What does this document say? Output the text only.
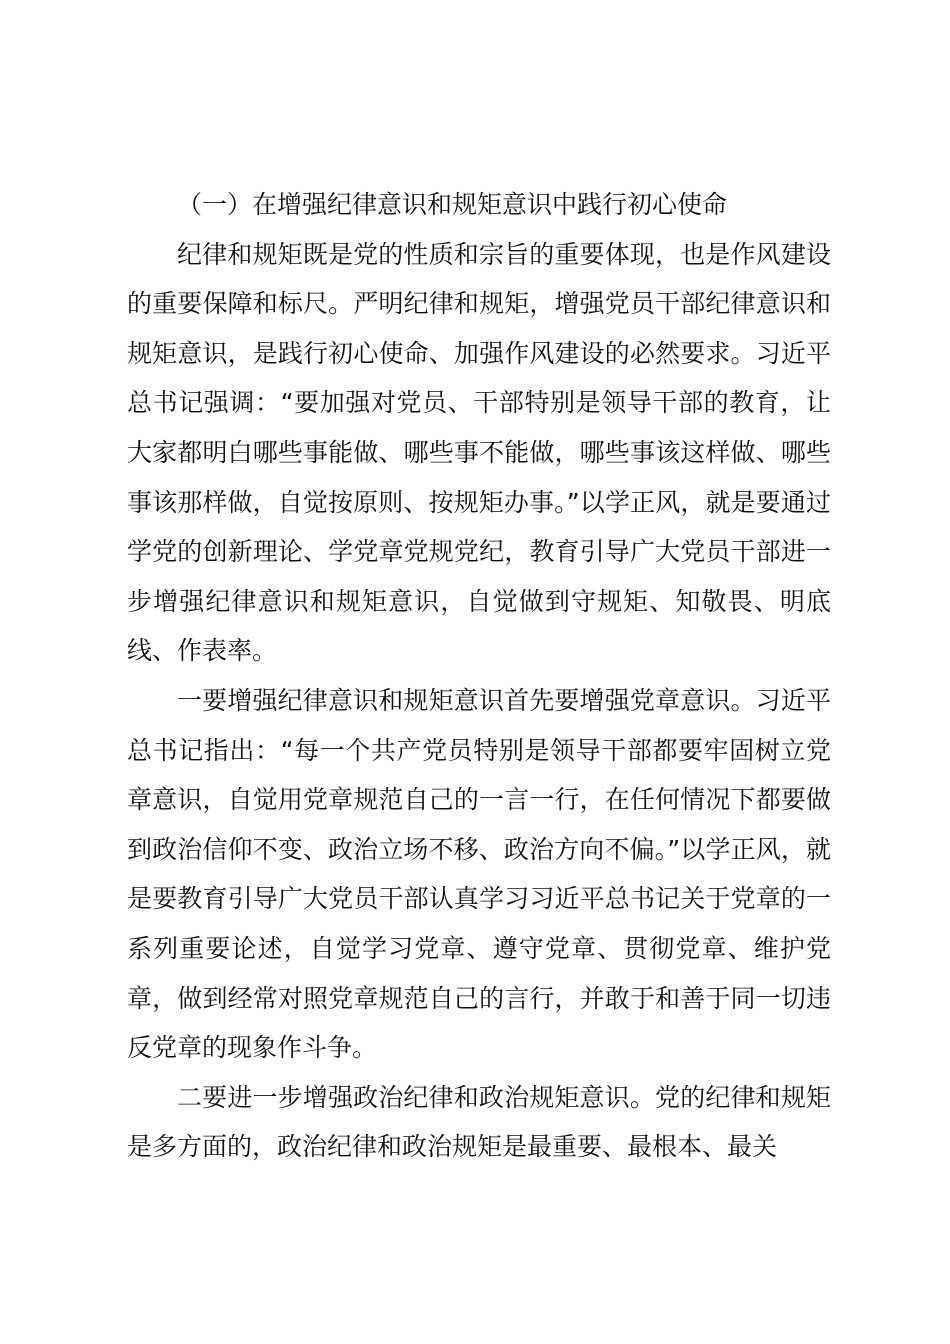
（一）在增强纪律意识和规矩意识中践行初心使命

纪律和规矩既是党的性质和宗旨的重要体现，也是作风建设的重要保障和标尺。严明纪律和规矩，增强党员干部纪律意识和规矩意识，是践行初心使命、加强作风建设的必然要求。习近平总书记强调：“要加强对党员、干部特别是领导干部的教育，让大家都明白哪些事能做、哪些事不能做，哪些事该这样做、哪些事该那样做，自觉按原则、按规矩办事。”以学正风，就是要通过学党的创新理论、学党章党规党纪，教育引导广大党员干部进一步增强纪律意识和规矩意识，自觉做到守规矩、知敬畏、明底线、作表率。

一要增强纪律意识和规矩意识首先要增强党章意识。习近平总书记指出：“每一个共产党员特别是领导干部都要牢固树立党章意识，自觉用党章规范自己的一言一行，在任何情况下都要做到政治信仰不变、政治立场不移、政治方向不偏。”以学正风，就是要教育引导广大党员干部认真学习习近平总书记关于党章的一系列重要论述，自觉学习党章、遵守党章、贯彻党章、维护党章，做到经常对照党章规范自己的言行，并敢于和善于同一切违反党章的现象作斗争。

二要进一步增强政治纪律和政治规矩意识。党的纪律和规矩是多方面的，政治纪律和政治规矩是最重要、最根本、最关
